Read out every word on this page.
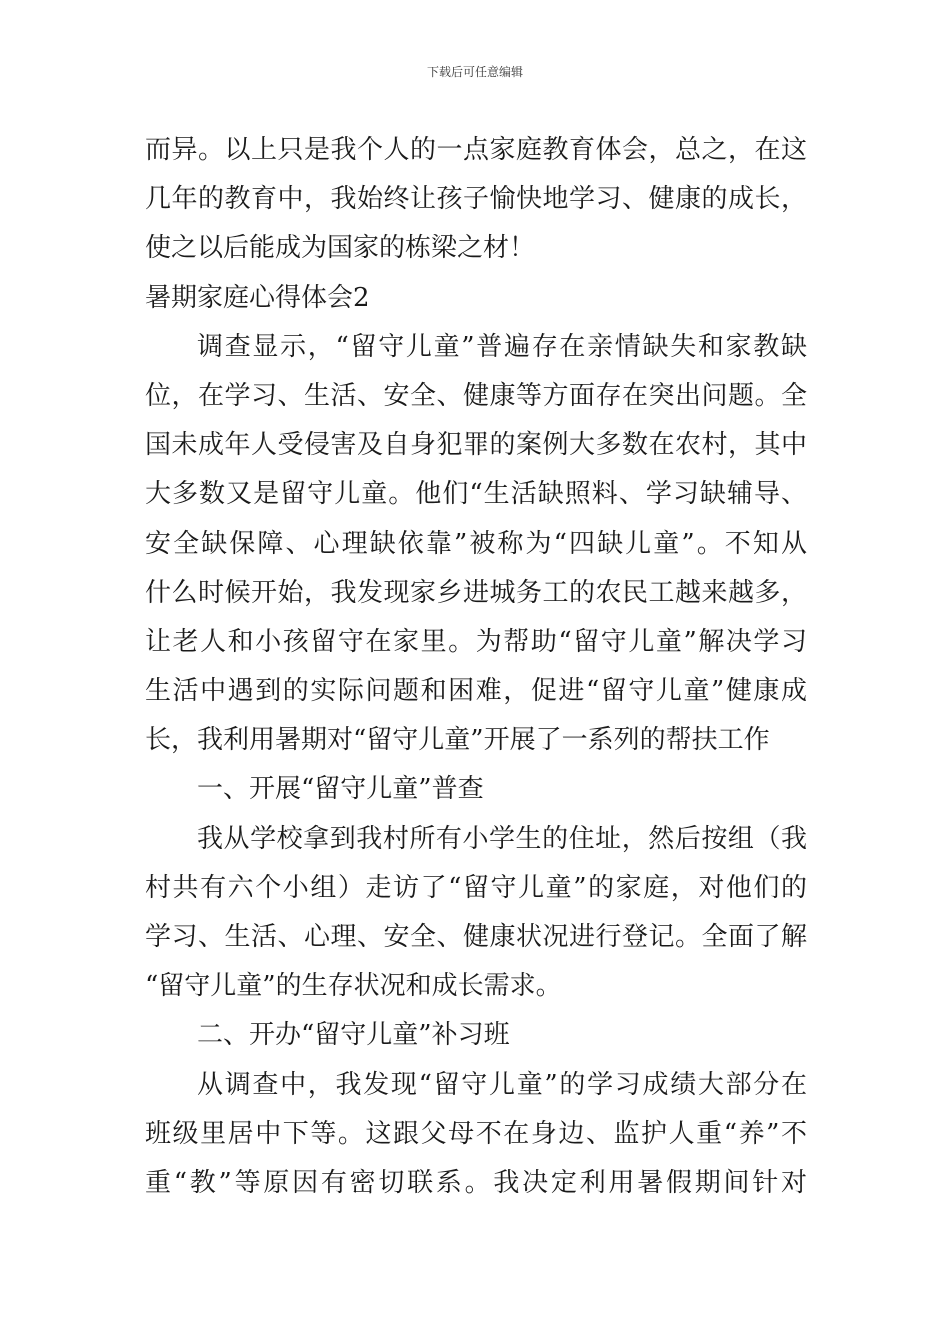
下载后可任意编辑
而异。以上只是我个人的一点家庭教育体会，总之，在这
几年的教育中，我始终让孩子愉快地学习、健康的成长，
使之以后能成为国家的栋梁之材！
暑期家庭心得体会2
调查显示，“留守儿童”普遍存在亲情缺失和家教缺
位，在学习、生活、安全、健康等方面存在突出问题。全
国未成年人受侵害及自身犯罪的案例大多数在农村，其中
大多数又是留守儿童。他们“生活缺照料、学习缺辅导、
安全缺保障、心理缺依靠”被称为“四缺儿童”。不知从
什么时候开始，我发现家乡进城务工的农民工越来越多，
让老人和小孩留守在家里。为帮助“留守儿童”解决学习
生活中遇到的实际问题和困难，促进“留守儿童”健康成
长，我利用暑期对“留守儿童”开展了一系列的帮扶工作
一、开展“留守儿童”普查
我从学校拿到我村所有小学生的住址，然后按组（我
村共有六个小组）走访了“留守儿童”的家庭，对他们的
学习、生活、心理、安全、健康状况进行登记。全面了解
“留守儿童”的生存状况和成长需求。
二、开办“留守儿童”补习班
从调查中，我发现“留守儿童”的学习成绩大部分在
班级里居中下等。这跟父母不在身边、监护人重“养”不
重“教”等原因有密切联系。我决定利用暑假期间针对
